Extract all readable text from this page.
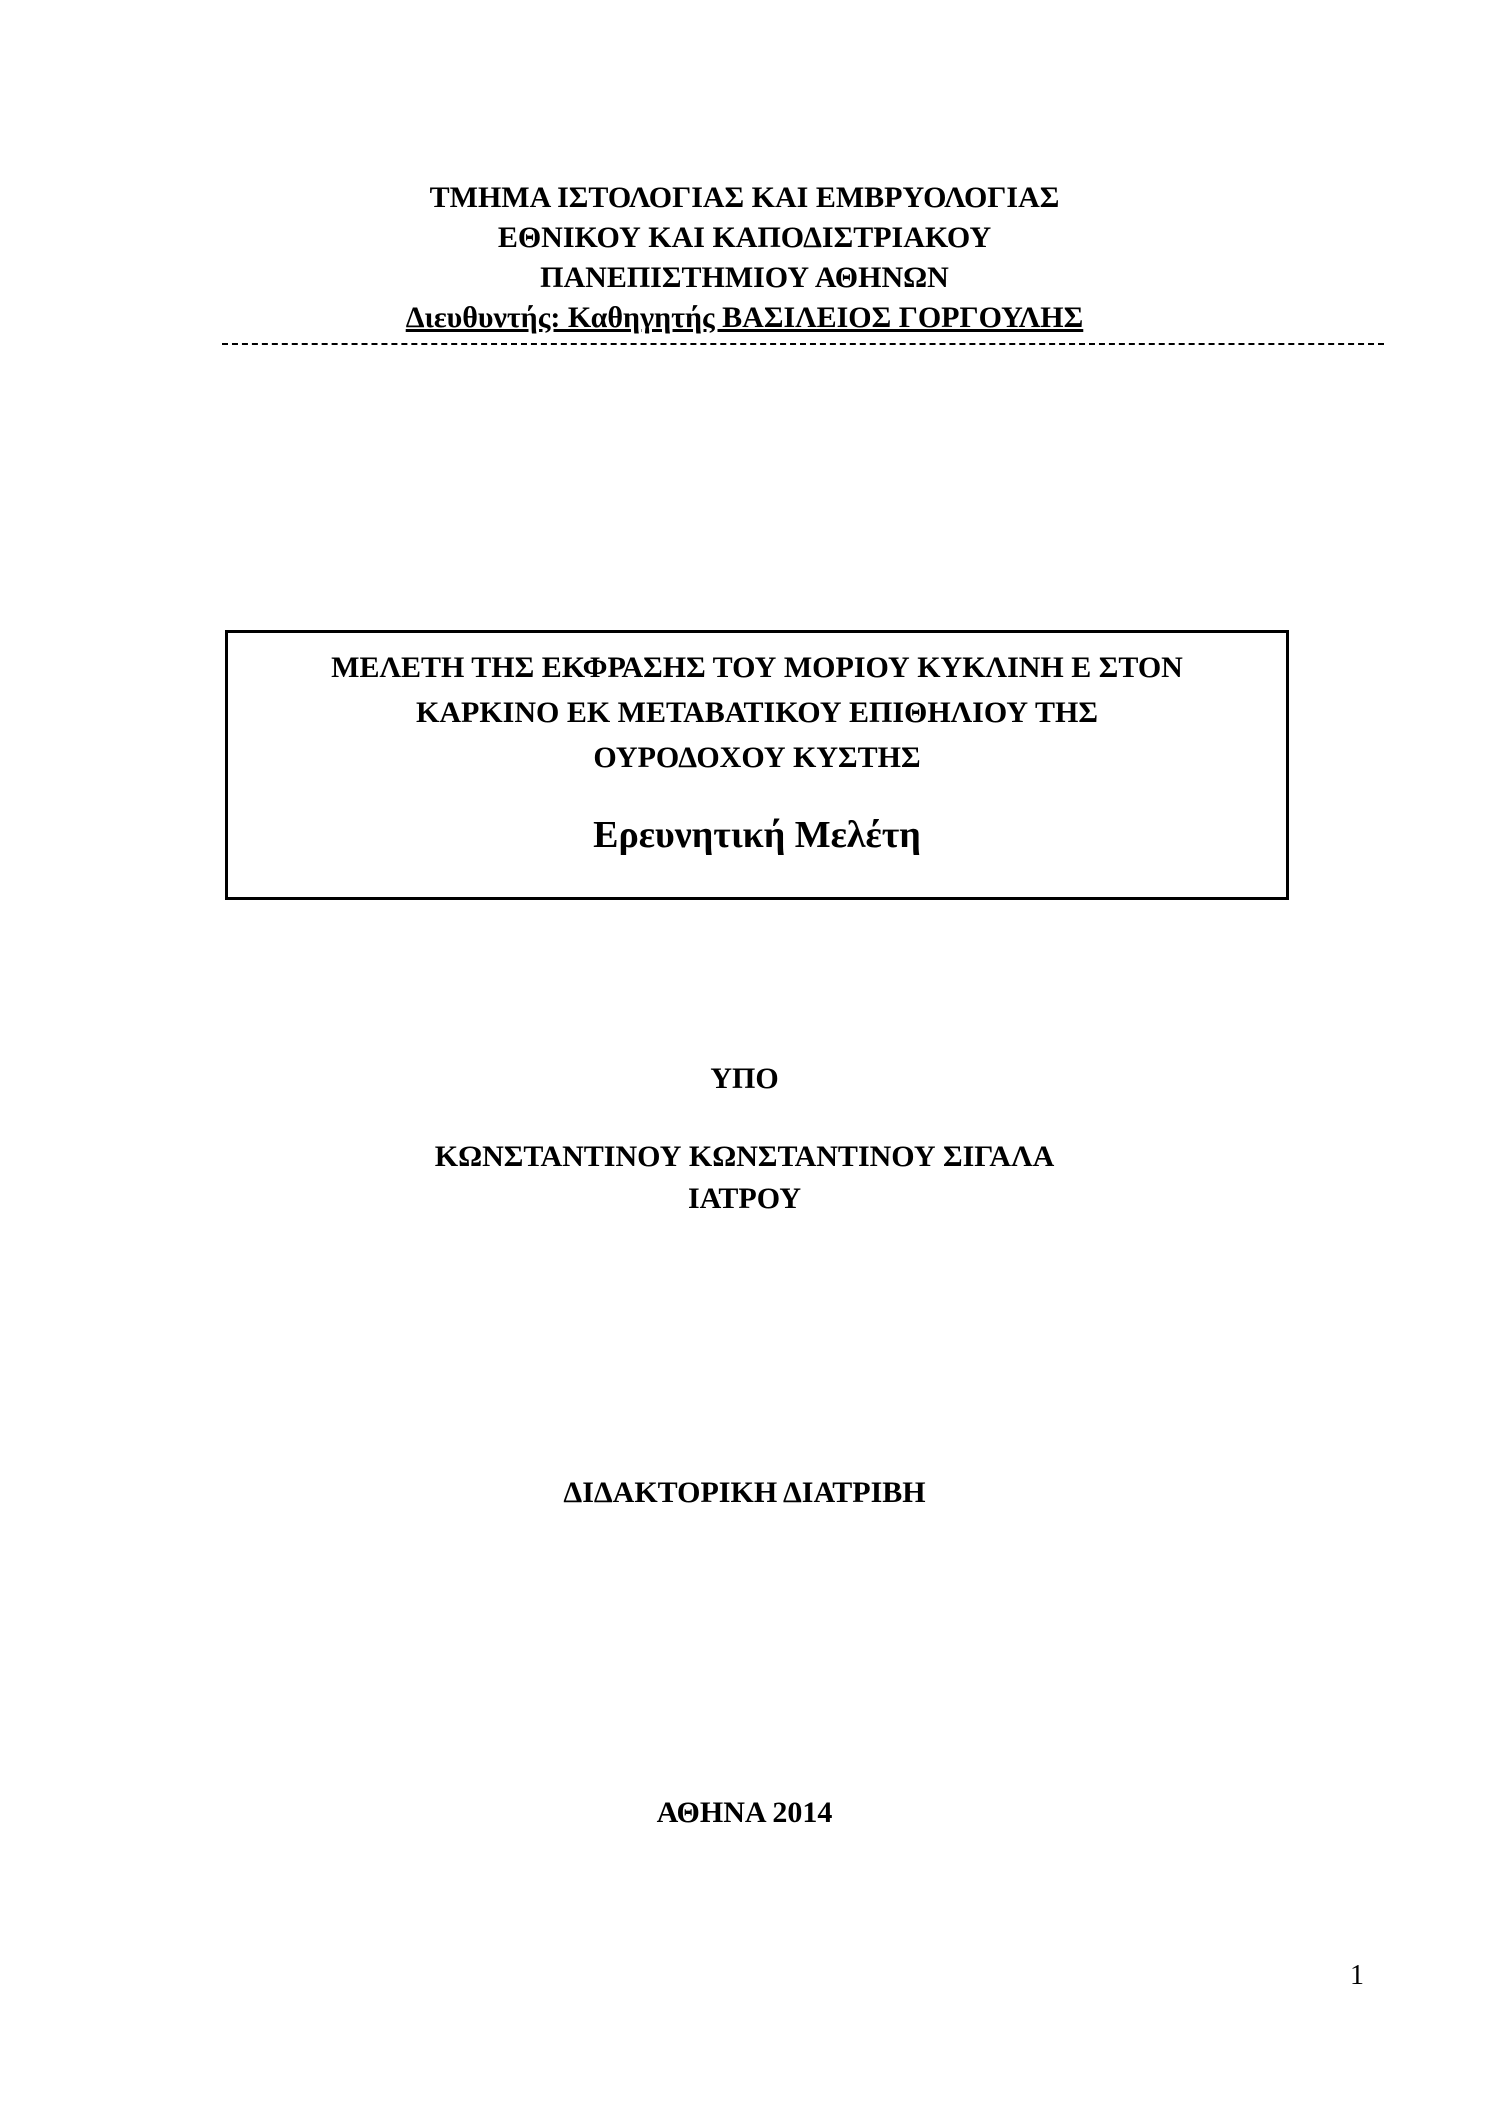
ΤΜΗΜΑ ΙΣΤΟΛΟΓΙΑΣ ΚΑΙ ΕΜΒΡΥΟΛΟΓΙΑΣ
ΕΘΝΙΚΟΥ ΚΑΙ ΚΑΠΟΔΙΣΤΡΙΑΚΟΥ
ΠΑΝΕΠΙΣΤΗΜΙΟΥ ΑΘΗΝΩΝ
Διευθυντής: Καθηγητής ΒΑΣΙΛΕΙΟΣ ΓΟΡΓΟΥΛΗΣ
ΜΕΛΕΤΗ ΤΗΣ ΕΚΦΡΑΣΗΣ ΤΟΥ ΜΟΡΙΟΥ ΚΥΚΛΙΝΗ Ε ΣΤΟΝ
ΚΑΡΚΙΝΟ ΕΚ ΜΕΤΑΒΑΤΙΚΟΥ ΕΠΙΘΗΛΙΟΥ ΤΗΣ
ΟΥΡΟΔΟΧΟΥ ΚΥΣΤΗΣ
Ερευνητική Μελέτη
ΥΠΟ
ΚΩΝΣΤΑΝΤΙΝΟΥ ΚΩΝΣΤΑΝΤΙΝΟΥ ΣΙΓΑΛΑ
ΙΑΤΡΟΥ
ΔΙΔΑΚΤΟΡΙΚΗ ΔΙΑΤΡΙΒΗ
ΑΘΗΝΑ 2014
1
